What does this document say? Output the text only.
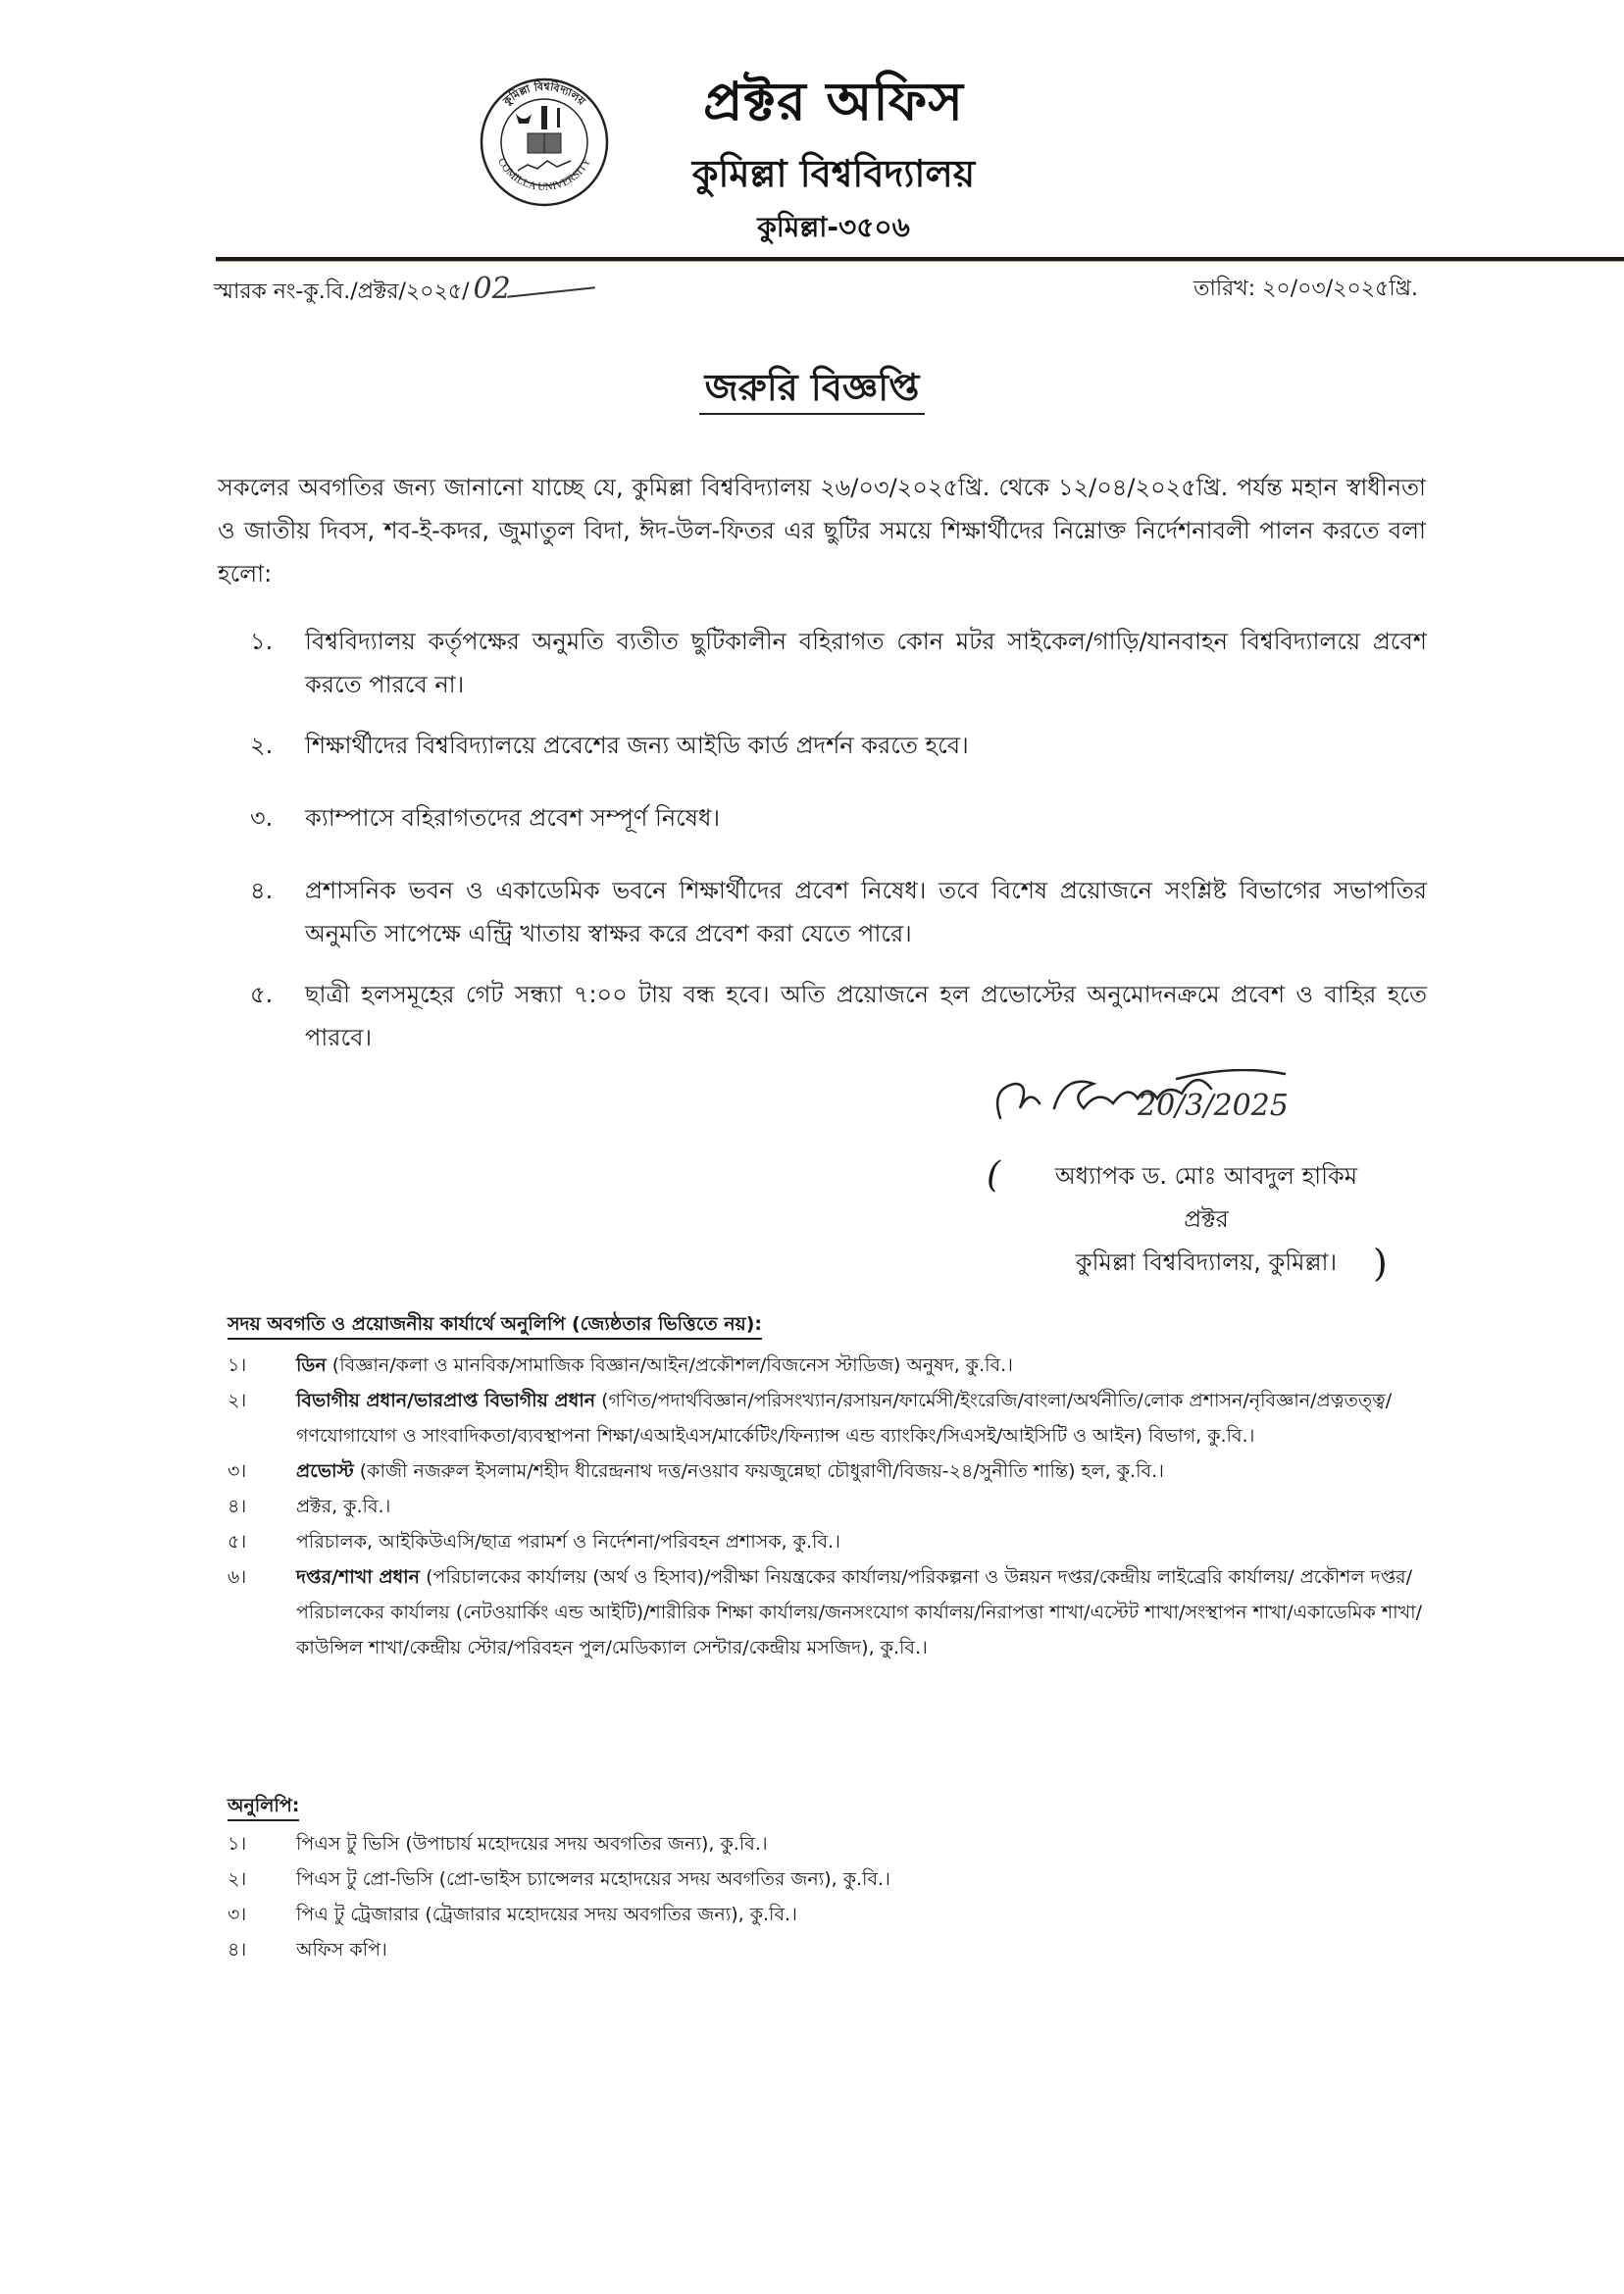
কুমিল্লা বিশ্ববিদ্যালয়
COMILLA UNIVERSITY
প্রক্টর অফিস
কুমিল্লা বিশ্ববিদ্যালয়
কুমিল্লা-৩৫০৬
স্মারক নং-কু.বি./প্রক্টর/২০২৫/ 02	তারিখ: ২০/০৩/২০২৫খ্রি.
জরুরি বিজ্ঞপ্তি
সকলের অবগতির জন্য জানানো যাচ্ছে যে, কুমিল্লা বিশ্ববিদ্যালয় ২৬/০৩/২০২৫খ্রি. থেকে ১২/০৪/২০২৫খ্রি. পর্যন্ত মহান স্বাধীনতা ও জাতীয় দিবস, শব-ই-কদর, জুমাতুল বিদা, ঈদ-উল-ফিতর এর ছুটির সময়ে শিক্ষার্থীদের নিম্নোক্ত নির্দেশনাবলী পালন করতে বলা হলো:
১.	বিশ্ববিদ্যালয় কর্তৃপক্ষের অনুমতি ব্যতীত ছুটিকালীন বহিরাগত কোন মটর সাইকেল/গাড়ি/যানবাহন বিশ্ববিদ্যালয়ে প্রবেশ করতে পারবে না।
২.	শিক্ষার্থীদের বিশ্ববিদ্যালয়ে প্রবেশের জন্য আইডি কার্ড প্রদর্শন করতে হবে।
৩.	ক্যাম্পাসে বহিরাগতদের প্রবেশ সম্পূর্ণ নিষেধ।
৪.	প্রশাসনিক ভবন ও একাডেমিক ভবনে শিক্ষার্থীদের প্রবেশ নিষেধ। তবে বিশেষ প্রয়োজনে সংশ্লিষ্ট বিভাগের সভাপতির অনুমতি সাপেক্ষে এন্ট্রি খাতায় স্বাক্ষর করে প্রবেশ করা যেতে পারে।
৫.	ছাত্রী হলসমূহের গেট সন্ধ্যা ৭:০০ টায় বন্ধ হবে। অতি প্রয়োজনে হল প্রভোস্টের অনুমোদনক্রমে প্রবেশ ও বাহির হতে পারবে।
20/3/2025
(	অধ্যাপক ড. মোঃ আবদুল হাকিম
প্রক্টর
কুমিল্লা বিশ্ববিদ্যালয়, কুমিল্লা। )
সদয় অবগতি ও প্রয়োজনীয় কার্যার্থে অনুলিপি (জ্যেষ্ঠতার ভিত্তিতে নয়):
১।	ডিন (বিজ্ঞান/কলা ও মানবিক/সামাজিক বিজ্ঞান/আইন/প্রকৌশল/বিজনেস স্টাডিজ) অনুষদ, কু.বি.।
২।	বিভাগীয় প্রধান/ভারপ্রাপ্ত বিভাগীয় প্রধান (গণিত/পদার্থবিজ্ঞান/পরিসংখ্যান/রসায়ন/ফার্মেসী/ইংরেজি/বাংলা/অর্থনীতি/লোক প্রশাসন/নৃবিজ্ঞান/প্রত্নতত্ত্ব/গণযোগাযোগ ও সাংবাদিকতা/ব্যবস্থাপনা শিক্ষা/এআইএস/মার্কেটিং/ফিন্যান্স এন্ড ব্যাংকিং/সিএসই/আইসিটি ও আইন) বিভাগ, কু.বি.।
৩।	প্রভোস্ট (কাজী নজরুল ইসলাম/শহীদ ধীরেন্দ্রনাথ দত্ত/নওয়াব ফয়জুন্নেছা চৌধুরাণী/বিজয়-২৪/সুনীতি শান্তি) হল, কু.বি.।
৪।	প্রক্টর, কু.বি.।
৫।	পরিচালক, আইকিউএসি/ছাত্র পরামর্শ ও নির্দেশনা/পরিবহন প্রশাসক, কু.বি.।
৬।	দপ্তর/শাখা প্রধান (পরিচালকের কার্যালয় (অর্থ ও হিসাব)/পরীক্ষা নিয়ন্ত্রকের কার্যালয়/পরিকল্পনা ও উন্নয়ন দপ্তর/কেন্দ্রীয় লাইব্রেরি কার্যালয়/ প্রকৌশল দপ্তর/পরিচালকের কার্যালয় (নেটওয়ার্কিং এন্ড আইটি)/শারীরিক শিক্ষা কার্যালয়/জনসংযোগ কার্যালয়/নিরাপত্তা শাখা/এস্টেট শাখা/সংস্থাপন শাখা/একাডেমিক শাখা/কাউন্সিল শাখা/কেন্দ্রীয় স্টোর/পরিবহন পুল/মেডিক্যাল সেন্টার/কেন্দ্রীয় মসজিদ), কু.বি.।
অনুলিপি:
১।	পিএস টু ভিসি (উপাচার্য মহোদয়ের সদয় অবগতির জন্য), কু.বি.।
২।	পিএস টু প্রো-ভিসি (প্রো-ভাইস চ্যান্সেলর মহোদয়ের সদয় অবগতির জন্য), কু.বি.।
৩।	পিএ টু ট্রেজারার (ট্রেজারার মহোদয়ের সদয় অবগতির জন্য), কু.বি.।
৪।	অফিস কপি।
